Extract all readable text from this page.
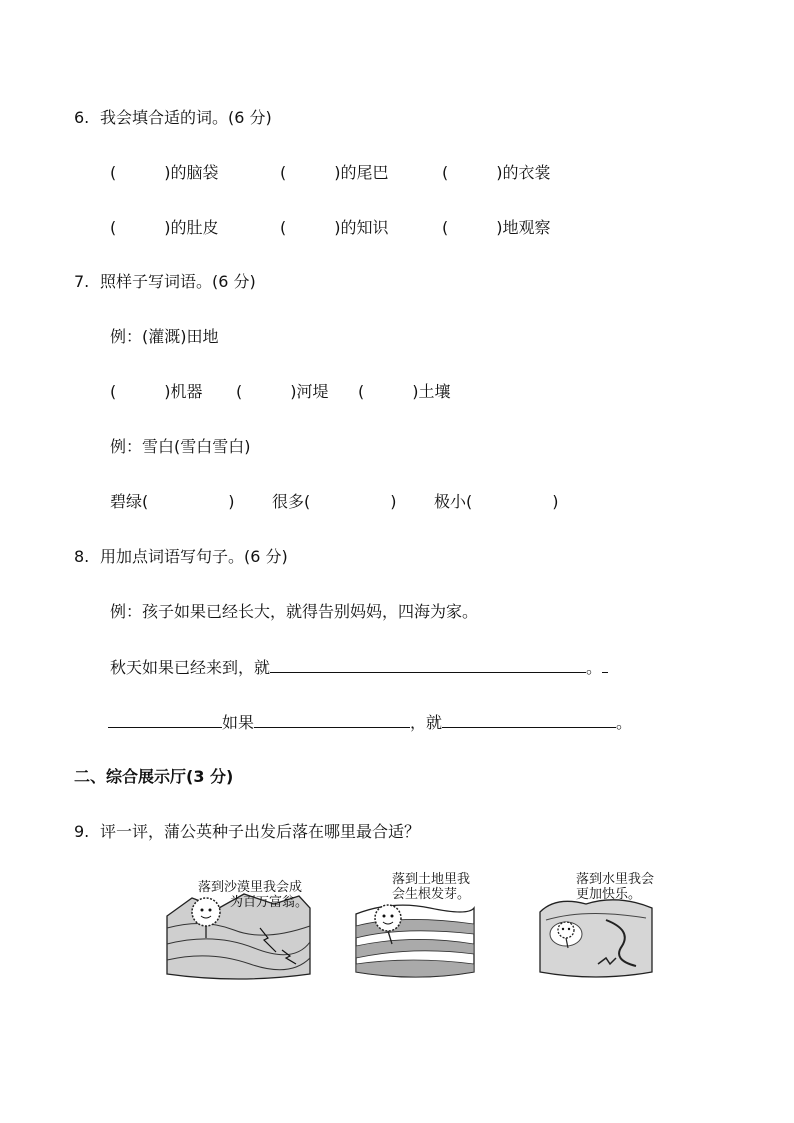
6. 我会填合适的词。(6 分)
(　　　)的脑袋	(　　　)的尾巴	(　　　)的衣裳
(　　　)的肚皮	(　　　)的知识	(　　　)地观察
7. 照样子写词语。(6 分)
例：(灌溉)田地
(　　　)机器 (　　　)河堤 (　　　)土壤
例：雪白(雪白雪白)
碧绿(　　　　　) 很多(　　　　　) 极小(　　　　　)
8. 用加点词语写句子。(6 分)
例：孩子如果已经长大，就得告别妈妈，四海为家。
秋天如果已经来到，就	。
如果	，就	。
二、综合展示厅(3 分)
9. 评一评，蒲公英种子出发后落在哪里最合适？
落到沙漠里我会成
为百万富翁。
落到土地里我
会生根发芽。
落到水里我会
更加快乐。
